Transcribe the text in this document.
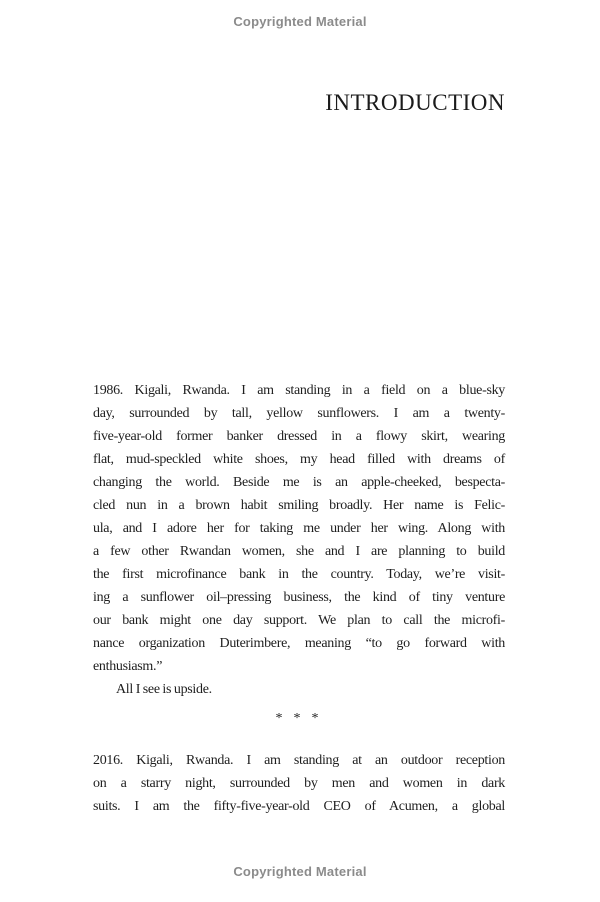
Copyrighted Material
INTRODUCTION
1986. Kigali, Rwanda. I am standing in a field on a blue-sky
day, surrounded by tall, yellow sunflowers. I am a twenty-
five-year-old former banker dressed in a flowy skirt, wearing
flat, mud-speckled white shoes, my head filled with dreams of
changing the world. Beside me is an apple-cheeked, bespecta-
cled nun in a brown habit smiling broadly. Her name is Felic-
ula, and I adore her for taking me under her wing. Along with
a few other Rwandan women, she and I are planning to build
the first microfinance bank in the country. Today, we’re visit-
ing a sunflower oil–pressing business, the kind of tiny venture
our bank might one day support. We plan to call the microfi-
nance organization Duterimbere, meaning “to go forward with
enthusiasm.”
All I see is upside.
* * *
2016. Kigali, Rwanda. I am standing at an outdoor reception
on a starry night, surrounded by men and women in dark
suits. I am the fifty-five-year-old CEO of Acumen, a global
Copyrighted Material
